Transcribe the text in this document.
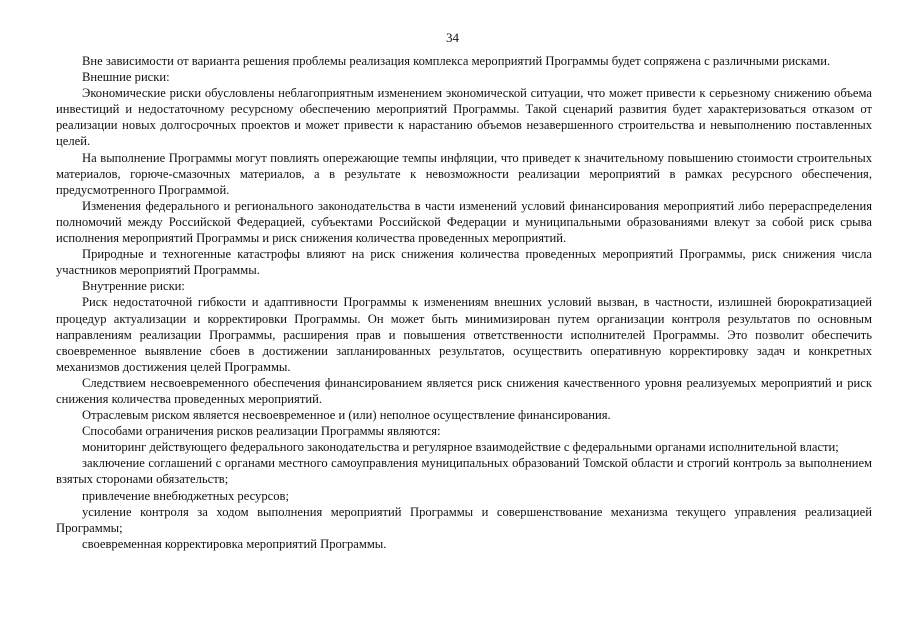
34

Вне зависимости от варианта решения проблемы реализация комплекса мероприятий Программы будет сопряжена с различными рисками.

Внешние риски:

Экономические риски обусловлены неблагоприятным изменением экономической ситуации, что может привести к серьезному снижению объема инвестиций и недостаточному ресурсному обеспечению мероприятий Программы. Такой сценарий развития будет характеризоваться отказом от реализации новых долгосрочных проектов и может привести к нарастанию объемов незавершенного строительства и невыполнению поставленных целей.

На выполнение Программы могут повлиять опережающие темпы инфляции, что приведет к значительному повышению стоимости строительных материалов, горюче-смазочных материалов, а в результате к невозможности реализации мероприятий в рамках ресурсного обеспечения, предусмотренного Программой.

Изменения федерального и регионального законодательства в части изменений условий финансирования мероприятий либо перераспределения полномочий между Российской Федерацией, субъектами Российской Федерации и муниципальными образованиями влекут за собой риск срыва исполнения мероприятий Программы и риск снижения количества проведенных мероприятий.

Природные и техногенные катастрофы влияют на риск снижения количества проведенных мероприятий Программы, риск снижения числа участников мероприятий Программы.

Внутренние риски:

Риск недостаточной гибкости и адаптивности Программы к изменениям внешних условий вызван, в частности, излишней бюрократизацией процедур актуализации и корректировки Программы. Он может быть минимизирован путем организации контроля результатов по основным направлениям реализации Программы, расширения прав и повышения ответственности исполнителей Программы. Это позволит обеспечить своевременное выявление сбоев в достижении запланированных результатов, осуществить оперативную корректировку задач и конкретных механизмов достижения целей Программы.

Следствием несвоевременного обеспечения финансированием является риск снижения качественного уровня реализуемых мероприятий и риск снижения количества проведенных мероприятий.

Отраслевым риском является несвоевременное и (или) неполное осуществление финансирования.

Способами ограничения рисков реализации Программы являются:

мониторинг действующего федерального законодательства и регулярное взаимодействие с федеральными органами исполнительной власти;

заключение соглашений с органами местного самоуправления муниципальных образований Томской области и строгий контроль за выполнением взятых сторонами обязательств;

привлечение внебюджетных ресурсов;

усиление контроля за ходом выполнения мероприятий Программы и совершенствование механизма текущего управления реализацией Программы;

своевременная корректировка мероприятий Программы.
